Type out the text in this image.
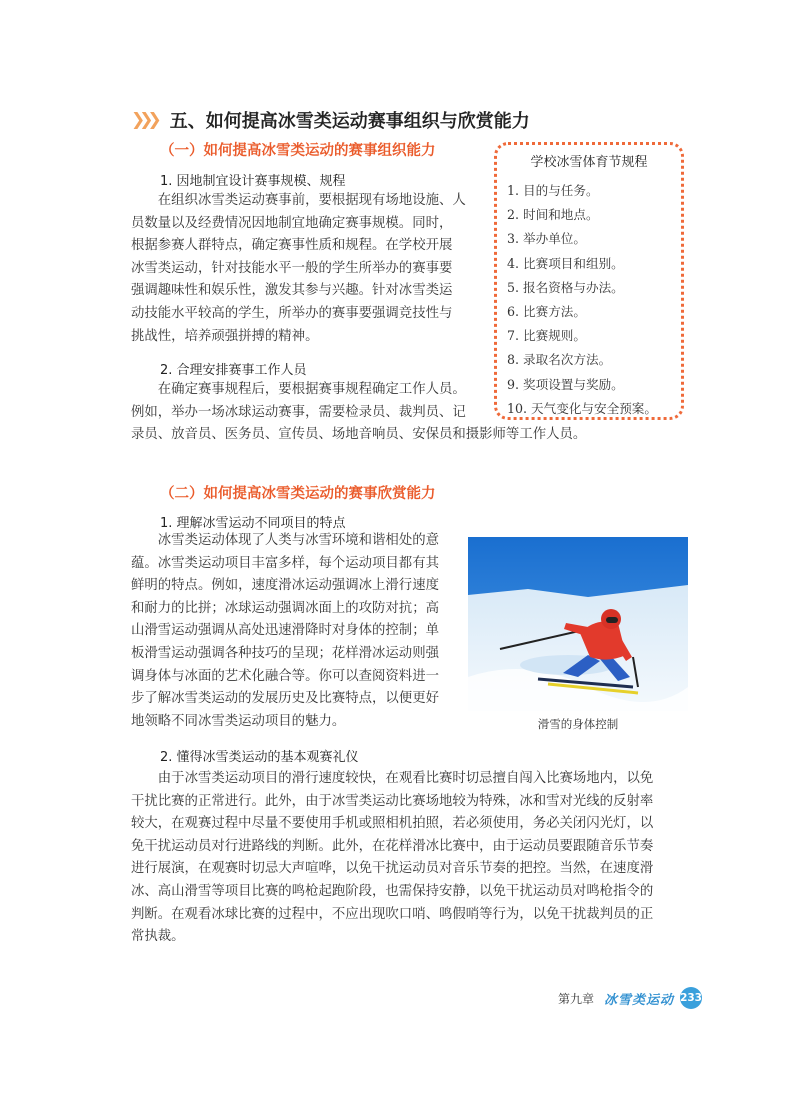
❯❯❯ 五、如何提高冰雪类运动赛事组织与欣赏能力
（一）如何提高冰雪类运动的赛事组织能力
1. 因地制宜设计赛事规模、规程

在组织冰雪类运动赛事前，要根据现有场地设施、人

员数量以及经费情况因地制宜地确定赛事规模。同时，

根据参赛人群特点，确定赛事性质和规程。在学校开展

冰雪类运动，针对技能水平一般的学生所举办的赛事要

强调趣味性和娱乐性，激发其参与兴趣。针对冰雪类运

动技能水平较高的学生，所举办的赛事要强调竞技性与

挑战性，培养顽强拼搏的精神。

2. 合理安排赛事工作人员

在确定赛事规程后，要根据赛事规程确定工作人员。

例如，举办一场冰球运动赛事，需要检录员、裁判员、记

录员、放音员、医务员、宣传员、场地音响员、安保员和摄影师等工作人员。

学校冰雪体育节规程
1. 目的与任务。
2. 时间和地点。
3. 举办单位。
4. 比赛项目和组别。
5. 报名资格与办法。
6. 比赛方法。
7. 比赛规则。
8. 录取名次方法。
9. 奖项设置与奖励。
10. 天气变化与安全预案。
（二）如何提高冰雪类运动的赛事欣赏能力
1. 理解冰雪运动不同项目的特点

冰雪类运动体现了人类与冰雪环境和谐相处的意

蕴。冰雪类运动项目丰富多样，每个运动项目都有其

鲜明的特点。例如，速度滑冰运动强调冰上滑行速度

和耐力的比拼；冰球运动强调冰面上的攻防对抗；高

山滑雪运动强调从高处迅速滑降时对身体的控制；单

板滑雪运动强调各种技巧的呈现；花样滑冰运动则强

调身体与冰面的艺术化融合等。你可以查阅资料进一

步了解冰雪类运动的发展历史及比赛特点，以便更好

地领略不同冰雪类运动项目的魅力。	滑雪的身体控制
2. 懂得冰雪类运动的基本观赛礼仪

由于冰雪类运动项目的滑行速度较快，在观看比赛时切忌擅自闯入比赛场地内，以免

干扰比赛的正常进行。此外，由于冰雪类运动比赛场地较为特殊，冰和雪对光线的反射率

较大，在观赛过程中尽量不要使用手机或照相机拍照，若必须使用，务必关闭闪光灯，以

免干扰运动员对行进路线的判断。此外，在花样滑冰比赛中，由于运动员要跟随音乐节奏

进行展演，在观赛时切忌大声喧哗，以免干扰运动员对音乐节奏的把控。当然，在速度滑

冰、高山滑雪等项目比赛的鸣枪起跑阶段，也需保持安静，以免干扰运动员对鸣枪指令的

判断。在观看冰球比赛的过程中，不应出现吹口哨、鸣假哨等行为，以免干扰裁判员的正

常执裁。

第九章 冰雪类运动 233
